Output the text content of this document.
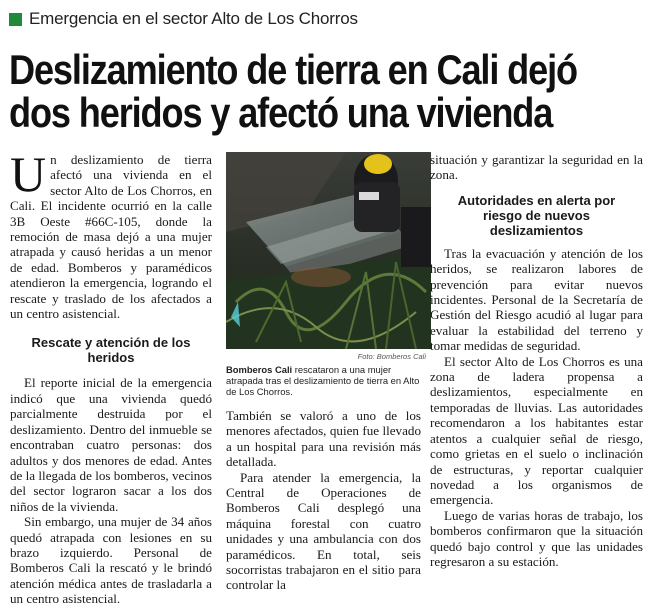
Emergencia en el sector Alto de Los Chorros
Deslizamiento de tierra en Cali dejó
dos heridos y afectó una vivienda

Un deslizamiento de tierra afectó una vivienda en el sector Alto de Los Chorros, en Cali. El incidente ocurrió en la calle 3B Oeste #66C-105, donde la remoción de masa dejó a una mujer atrapada y causó heridas a un menor de edad. Bomberos y paramédicos atendieron la emergencia, logrando el rescate y traslado de los afectados a un centro asistencial.

Rescate y atención de los heridos

El reporte inicial de la emergencia indicó que una vivienda quedó parcialmente destruida por el deslizamiento. Dentro del inmueble se encontraban cuatro personas: dos adultos y dos menores de edad. Antes de la llegada de los bomberos, vecinos del sector lograron sacar a los dos niños de la vivienda.

Sin embargo, una mujer de 34 años quedó atrapada con lesiones en su brazo izquierdo. Personal de Bomberos Cali la rescató y le brindó atención médica antes de trasladarla a un centro asistencial.

Foto: Bomberos Cali
Bomberos Cali rescataron a una mujer atrapada tras el deslizamiento de tierra en Alto de Los Chorros.

También se valoró a uno de los menores afectados, quien fue llevado a un hospital para una revisión más detallada.

Para atender la emergencia, la Central de Operaciones de Bomberos Cali desplegó una máquina forestal con cuatro unidades y una ambulancia con dos paramédicos. En total, seis socorristas trabajaron en el sitio para controlar la

situación y garantizar la seguridad en la zona.

Autoridades en alerta por riesgo de nuevos deslizamientos

Tras la evacuación y atención de los heridos, se realizaron labores de prevención para evitar nuevos incidentes. Personal de la Secretaría de Gestión del Riesgo acudió al lugar para evaluar la estabilidad del terreno y tomar medidas de seguridad.

El sector Alto de Los Chorros es una zona de ladera propensa a deslizamientos, especialmente en temporadas de lluvias. Las autoridades recomendaron a los habitantes estar atentos a cualquier señal de riesgo, como grietas en el suelo o inclinación de estructuras, y reportar cualquier novedad a los organismos de emergencia.

Luego de varias horas de trabajo, los bomberos confirmaron que la situación quedó bajo control y que las unidades regresaron a su estación.
